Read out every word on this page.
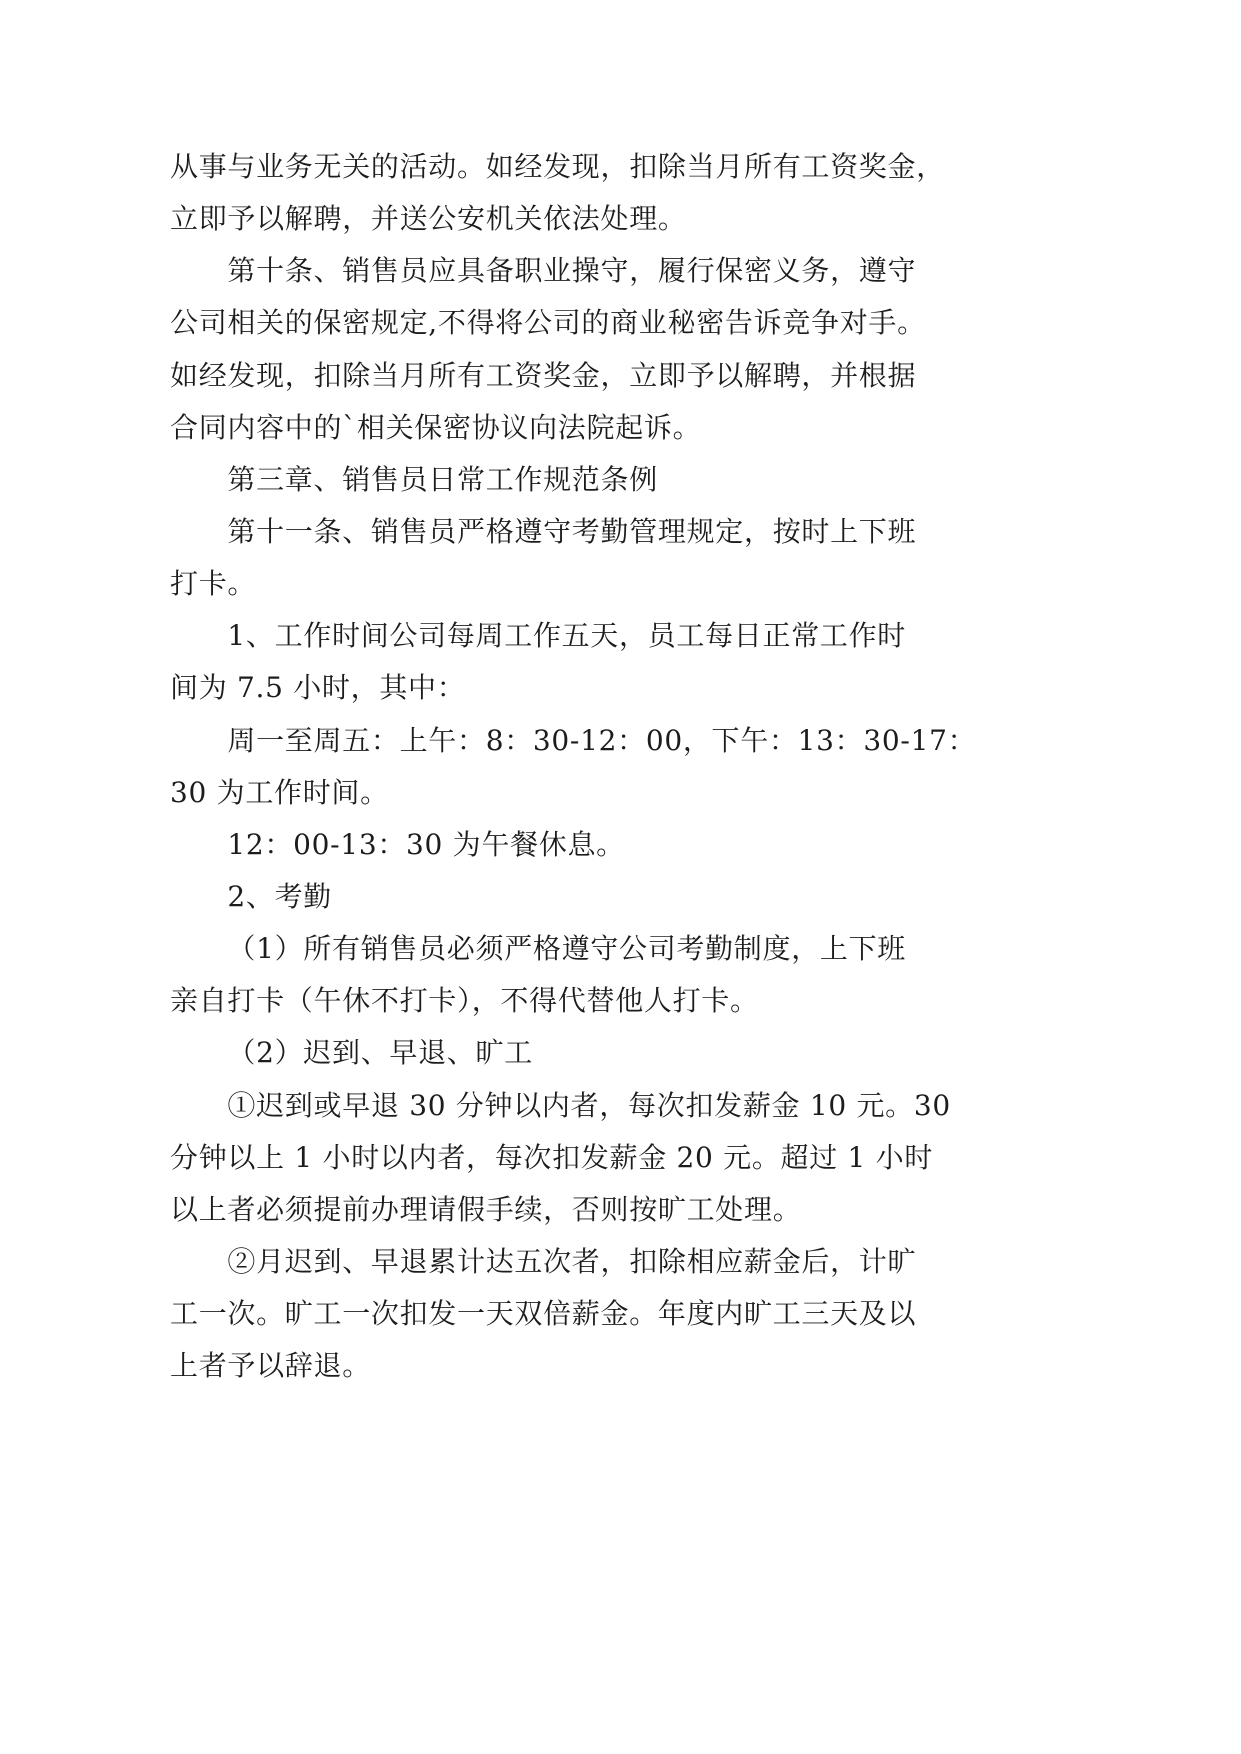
从事与业务无关的活动。如经发现，扣除当月所有工资奖金，
立即予以解聘，并送公安机关依法处理。
第十条、销售员应具备职业操守，履行保密义务，遵守
公司相关的保密规定,不得将公司的商业秘密告诉竞争对手。
如经发现，扣除当月所有工资奖金，立即予以解聘，并根据
合同内容中的`相关保密协议向法院起诉。
第三章、销售员日常工作规范条例
第十一条、销售员严格遵守考勤管理规定，按时上下班
打卡。
1、工作时间公司每周工作五天，员工每日正常工作时
间为 7.5 小时，其中：
周一至周五：上午：8：30-12：00，下午：13：30-17：
30 为工作时间。
12：00-13：30 为午餐休息。
2、考勤
（1）所有销售员必须严格遵守公司考勤制度，上下班
亲自打卡（午休不打卡），不得代替他人打卡。
（2）迟到、早退、旷工
①迟到或早退 30 分钟以内者，每次扣发薪金 10 元。30
分钟以上 1 小时以内者，每次扣发薪金 20 元。超过 1 小时
以上者必须提前办理请假手续，否则按旷工处理。
②月迟到、早退累计达五次者，扣除相应薪金后，计旷
工一次。旷工一次扣发一天双倍薪金。年度内旷工三天及以
上者予以辞退。
